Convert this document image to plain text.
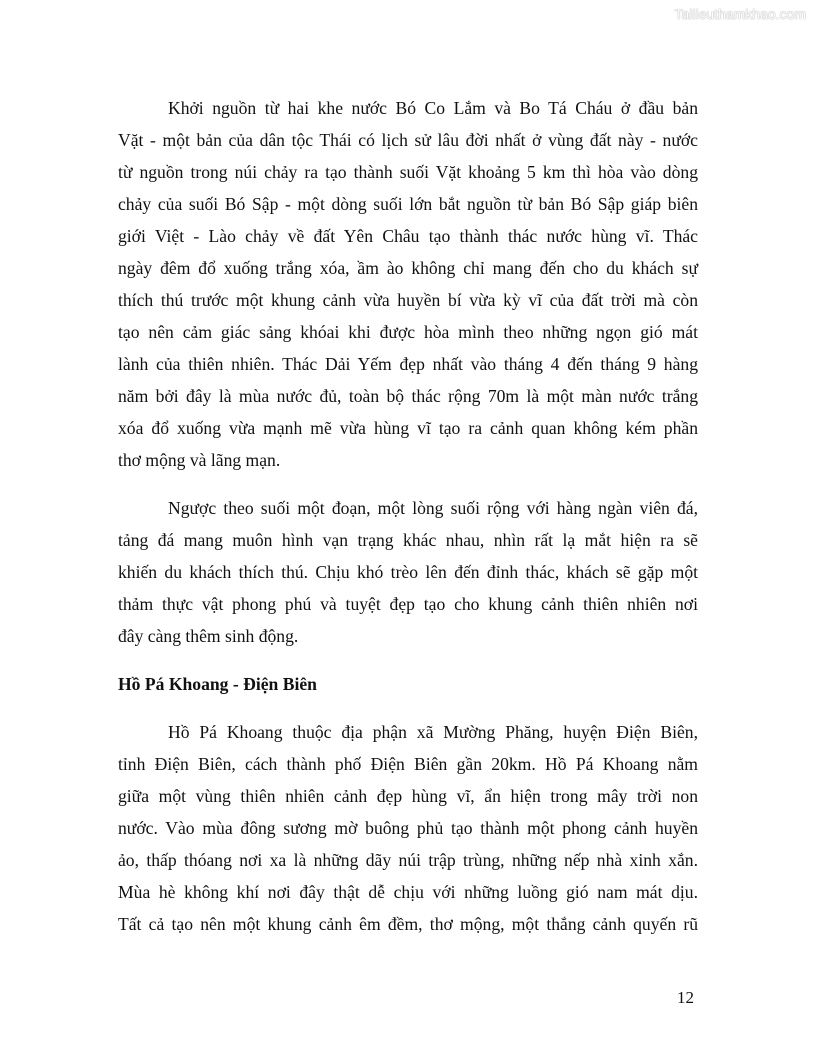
Tailieuthamkhao.com
Khởi nguồn từ hai khe nước Bó Co Lắm và Bo Tá Cháu ở đầu bản
Vặt - một bản của dân tộc Thái có lịch sử lâu đời nhất ở vùng đất này - nước
từ nguồn trong núi chảy ra tạo thành suối Vặt khoảng 5 km thì hòa vào dòng
chảy của suối Bó Sập - một dòng suối lớn bắt nguồn từ bản Bó Sập giáp biên
giới Việt - Lào chảy về đất Yên Châu tạo thành thác nước hùng vĩ. Thác
ngày đêm đổ xuống trắng xóa, ầm ào không chỉ mang đến cho du khách sự
thích thú trước một khung cảnh vừa huyền bí vừa kỳ vĩ của đất trời mà còn
tạo nên cảm giác sảng khóai khi được hòa mình theo những ngọn gió mát
lành của thiên nhiên. Thác Dải Yếm đẹp nhất vào tháng 4 đến tháng 9 hàng
năm bởi đây là mùa nước đủ, toàn bộ thác rộng 70m là một màn nước trắng
xóa đổ xuống vừa mạnh mẽ vừa hùng vĩ tạo ra cảnh quan không kém phần
thơ mộng và lãng mạn.
Ngược theo suối một đoạn, một lòng suối rộng với hàng ngàn viên đá,
tảng đá mang muôn hình vạn trạng khác nhau, nhìn rất lạ mắt hiện ra sẽ
khiến du khách thích thú. Chịu khó trèo lên đến đỉnh thác, khách sẽ gặp một
thảm thực vật phong phú và tuyệt đẹp tạo cho khung cảnh thiên nhiên nơi
đây càng thêm sinh động.
Hồ Pá Khoang - Điện Biên
Hồ Pá Khoang thuộc địa phận xã Mường Phăng, huyện Điện Biên,
tỉnh Điện Biên, cách thành phố Điện Biên gần 20km. Hồ Pá Khoang nằm
giữa một vùng thiên nhiên cảnh đẹp hùng vĩ, ẩn hiện trong mây trời non
nước. Vào mùa đông sương mờ buông phủ tạo thành một phong cảnh huyền
ảo, thấp thóang nơi xa là những dãy núi trập trùng, những nếp nhà xinh xắn.
Mùa hè không khí nơi đây thật dễ chịu với những luồng gió nam mát dịu.
Tất cả tạo nên một khung cảnh êm đềm, thơ mộng, một thắng cảnh quyến rũ
12
